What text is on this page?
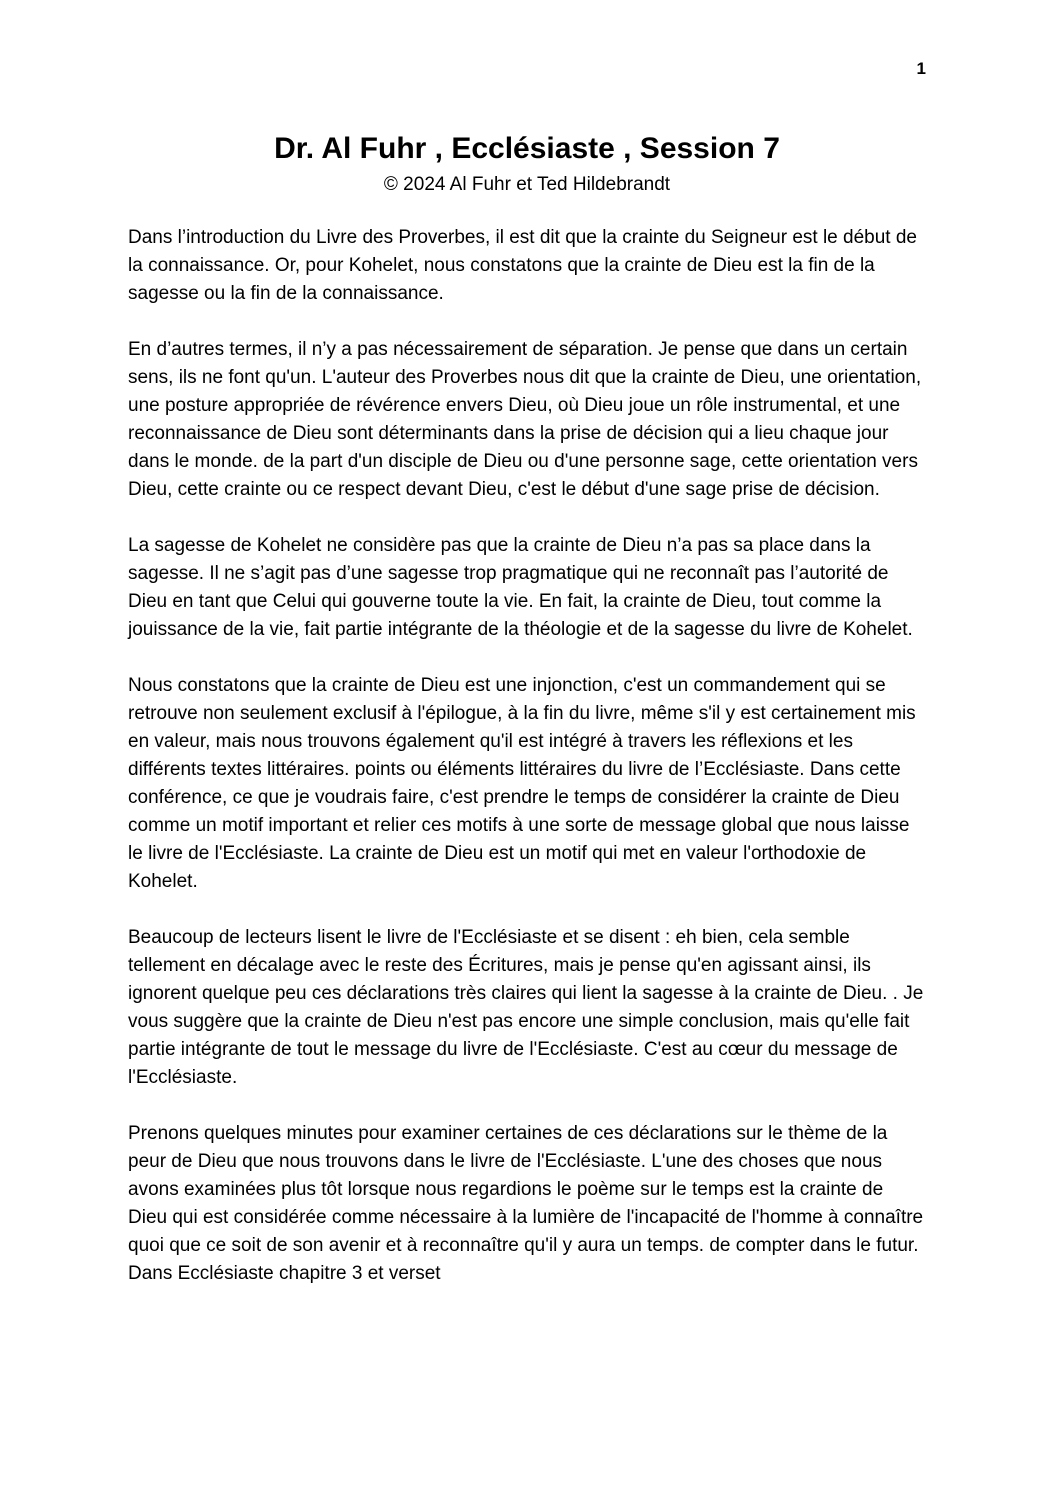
1
Dr. Al Fuhr , Ecclésiaste , Session 7
© 2024 Al Fuhr et Ted Hildebrandt

Dans l’introduction du Livre des Proverbes, il est dit que la crainte du Seigneur est le début de la connaissance. Or, pour Kohelet, nous constatons que la crainte de Dieu est la fin de la sagesse ou la fin de la connaissance.

En d’autres termes, il n’y a pas nécessairement de séparation. Je pense que dans un certain sens, ils ne font qu'un. L'auteur des Proverbes nous dit que la crainte de Dieu, une orientation, une posture appropriée de révérence envers Dieu, où Dieu joue un rôle instrumental, et une reconnaissance de Dieu sont déterminants dans la prise de décision qui a lieu chaque jour dans le monde. de la part d'un disciple de Dieu ou d'une personne sage, cette orientation vers Dieu, cette crainte ou ce respect devant Dieu, c'est le début d'une sage prise de décision.

La sagesse de Kohelet ne considère pas que la crainte de Dieu n’a pas sa place dans la sagesse. Il ne s’agit pas d’une sagesse trop pragmatique qui ne reconnaît pas l’autorité de Dieu en tant que Celui qui gouverne toute la vie. En fait, la crainte de Dieu, tout comme la jouissance de la vie, fait partie intégrante de la théologie et de la sagesse du livre de Kohelet.

Nous constatons que la crainte de Dieu est une injonction, c'est un commandement qui se retrouve non seulement exclusif à l'épilogue, à la fin du livre, même s'il y est certainement mis en valeur, mais nous trouvons également qu'il est intégré à travers les réflexions et les différents textes littéraires. points ou éléments littéraires du livre de l’Ecclésiaste. Dans cette conférence, ce que je voudrais faire, c'est prendre le temps de considérer la crainte de Dieu comme un motif important et relier ces motifs à une sorte de message global que nous laisse le livre de l'Ecclésiaste. La crainte de Dieu est un motif qui met en valeur l'orthodoxie de Kohelet.

Beaucoup de lecteurs lisent le livre de l'Ecclésiaste et se disent : eh bien, cela semble tellement en décalage avec le reste des Écritures, mais je pense qu'en agissant ainsi, ils ignorent quelque peu ces déclarations très claires qui lient la sagesse à la crainte de Dieu. . Je vous suggère que la crainte de Dieu n'est pas encore une simple conclusion, mais qu'elle fait partie intégrante de tout le message du livre de l'Ecclésiaste. C'est au cœur du message de l'Ecclésiaste.

Prenons quelques minutes pour examiner certaines de ces déclarations sur le thème de la peur de Dieu que nous trouvons dans le livre de l'Ecclésiaste. L'une des choses que nous avons examinées plus tôt lorsque nous regardions le poème sur le temps est la crainte de Dieu qui est considérée comme nécessaire à la lumière de l'incapacité de l'homme à connaître quoi que ce soit de son avenir et à reconnaître qu'il y aura un temps. de compter dans le futur. Dans Ecclésiaste chapitre 3 et verset
